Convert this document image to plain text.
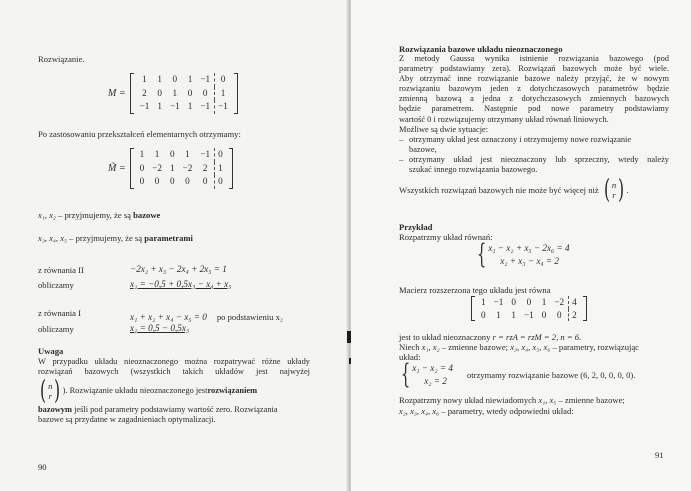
Rozwiązanie.
M =
1	1	0	1 −1	0
2	0	1	0	0	1
−1 1 −1 1 −1 −1
Po zastosowaniu przekształceń elementarnych otrzymamy:
M̃ =
1	1	0	1	−1 0
0 −2 1 −2	2	1
0	0	0	0	0	0
x₁, x₂ – przyjmujemy, że są bazowe
x₃, x₄, x₅ – przyjmujemy, że są parametrami
z równania II	−2x₂ + x₃ − 2x₄ + 2x₅ = 1
obliczamy	x₂ = −0,5 + 0,5x₃ − x₄ + x₅
z równania I	x₁ + x₂ + x₄ − x₅ = 0 po podstawieniu x₂
obliczamy	x₁ = 0,5 − 0,5x₃
Uwaga
W przypadku układu nieoznaczonego można rozpatrywać różne układy
rozwiązań bazowych (wszystkich takich układów jest najwyżej
( n
r ) ). Rozwiązanie układu nieoznaczonego jest rozwiązaniem
bazowym jeśli pod parametry podstawiamy wartość zero. Rozwiązania
bazowe są przydatne w zagadnieniach optymalizacji.
90
Rozwiązania bazowe układu nieoznaczonego
Z metody Gaussa wynika istnienie rozwiązania bazowego (pod
parametry podstawiamy zera). Rozwiązań bazowych może być wiele.
Aby otrzymać inne rozwiązanie bazowe należy przyjąć, że w nowym
rozwiązaniu bazowym jeden z dotychczasowych parametrów będzie
zmienną bazową a jedna z dotychczasowych zmiennych bazowych
będzie parametrem. Następnie pod nowe parametry podstawiamy
wartość 0 i rozwiązujemy otrzymany układ równań liniowych.
Możliwe są dwie sytuacje:
– otrzymany układ jest oznaczony i otrzymujemy nowe rozwiązanie
bazowe,
– otrzymany układ jest nieoznaczony lub sprzeczny, wtedy należy
szukać innego rozwiązania bazowego.
Wszystkich rozwiązań bazowych nie może być więcej niż ( n
r ) .
Przykład
Rozpatrzmy układ równań:
{ x₁ − x₂ + x₅ − 2x₆ = 4
x₂ + x₃ − x₄ = 2
Macierz rozszerzona tego układu jest równa
1 −1 0	0	1 −2 4
0	1	1 −1 0	0	2
jest to układ nieoznaczony r = rzA = rzM = 2, n = 6.
Niech x₁, x₂ – zmienne bazowe; x₃, x₄, x₅, x₆ – parametry, rozwiązując
układ:
{ x₁ − x₂ = 4
x₂ = 2
otrzymamy rozwiązanie bazowe (6, 2, 0, 0, 0, 0).
Rozpatrzmy nowy układ niewiadomych x₁, x₅ – zmienne bazowe;
x₂, x₃, x₄, x₆ – parametry, wtedy odpowiedni układ:
91
